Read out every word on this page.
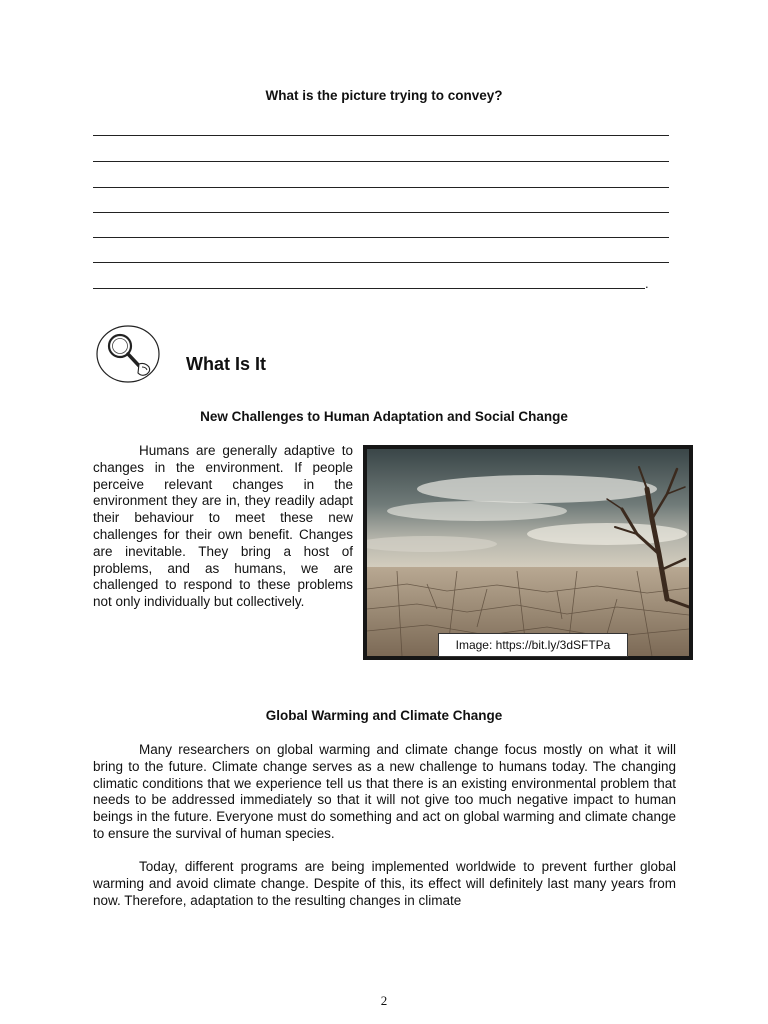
What is the picture trying to convey?
.
What Is It
New Challenges to Human Adaptation and Social Change

Humans are generally adaptive to changes in the environment. If people perceive relevant changes in the environment they are in, they readily adapt their behaviour to meet these new challenges for their own benefit. Changes are inevitable. They bring a host of problems, and as humans, we are challenged to respond to these problems not only individually but collectively.

Image: https://bit.ly/3dSFTPa
Global Warming and Climate Change

Many researchers on global warming and climate change focus mostly on what it will bring to the future. Climate change serves as a new challenge to humans today. The changing climatic conditions that we experience tell us that there is an existing environmental problem that needs to be addressed immediately so that it will not give too much negative impact to human beings in the future. Everyone must do something and act on global warming and climate change to ensure the survival of human species.

Today, different programs are being implemented worldwide to prevent further global warming and avoid climate change. Despite of this, its effect will definitely last many years from now. Therefore, adaptation to the resulting changes in climate

2
